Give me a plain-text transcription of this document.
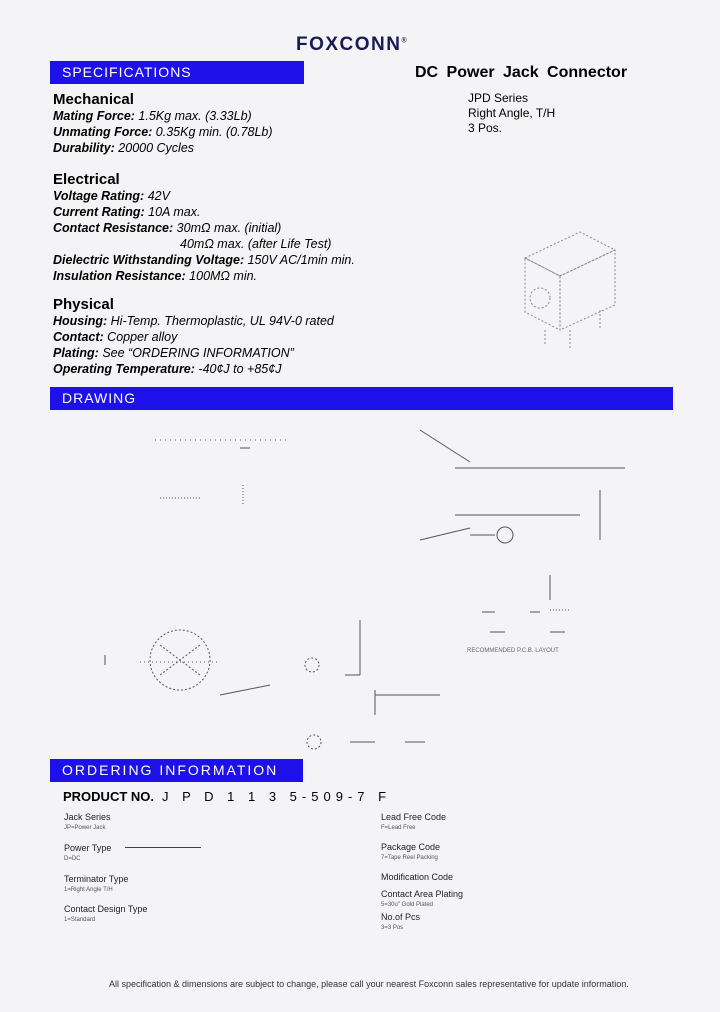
FOXCONN®
SPECIFICATIONS	DC Power Jack Connector
JPD Series
Right Angle, T/H
3 Pos.
Mechanical
Mating Force: 1.5Kg max. (3.33Lb)
Unmating Force: 0.35Kg min. (0.78Lb)
Durability: 20000 Cycles
Electrical
Voltage Rating: 42V
Current Rating: 10A max.
Contact Resistance: 30mΩ max. (initial)
40mΩ max. (after Life Test)
Dielectric Withstanding Voltage: 150V AC/1min min.
Insulation Resistance: 100MΩ min.
Physical
Housing: Hi-Temp. Thermoplastic, UL 94V-0 rated
Contact: Copper alloy
Plating: See “ORDERING INFORMATION”
Operating Temperature: -40¢J to +85¢J
DRAWING
RECOMMENDED P.C.B. LAYOUT
ORDERING INFORMATION
PRODUCT NO. J P D 1 1 3 5-509-7 F
Jack Series
JP=Power Jack
Power Type
D=DC
Terminator Type
1=Right Angle T/H
Contact Design Type
1=Standard
Lead Free Code
F=Lead Free
Package Code
7=Tape Reel Packing
Modification Code
Contact Area Plating
5=30u" Gold Plated
No.of Pcs
3=3 Pos
All specification & dimensions are subject to change, please call your nearest Foxconn sales representative for update information.
